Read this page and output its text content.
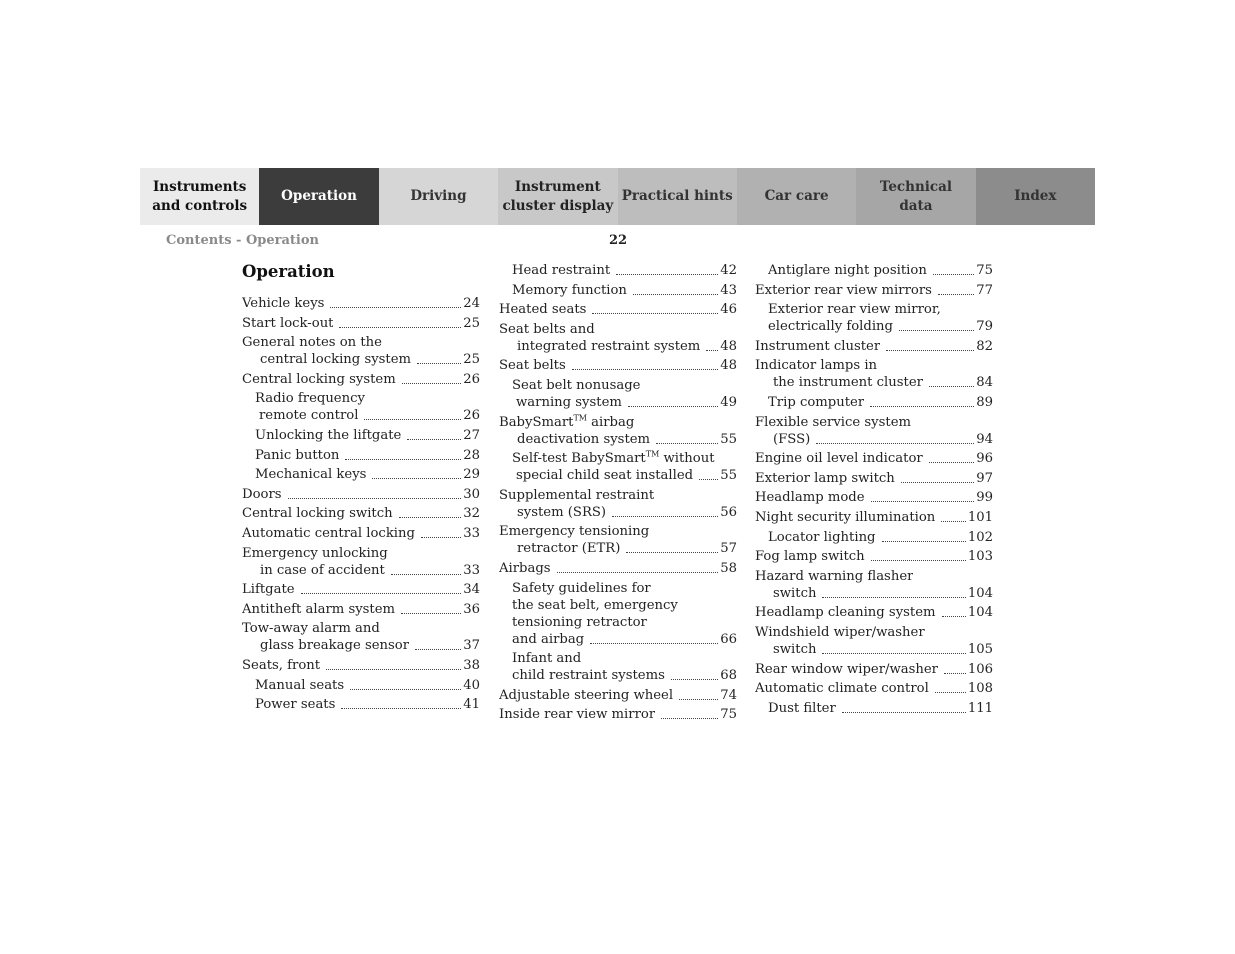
Instruments
and controls
Operation	Driving
Instrument
cluster display
Practical hints	Car care
Technical
data
Index
Contents - Operation	22
Operation
Vehicle keys	24
Start lock-out	25
General notes on the
central locking system	25
Central locking system	26
Radio frequency
remote control	26
Unlocking the liftgate	27
Panic button	28
Mechanical keys	29
Doors	30
Central locking switch	32
Automatic central locking	33
Emergency unlocking
in case of accident	33
Liftgate	34
Antitheft alarm system	36
Tow-away alarm and
glass breakage sensor	37
Seats, front	38
Manual seats	40
Power seats	41
Head restraint	42
Memory function	43
Heated seats	46
Seat belts and
integrated restraint system 48
Seat belts	48
Seat belt nonusage
warning system	49
BabySmart™ airbag
deactivation system	55
Self-test BabySmart™ without
special child seat installed 55
Supplemental restraint
system (SRS)	56
Emergency tensioning
retractor (ETR)	57
Airbags	58
Safety guidelines for
the seat belt, emergency
tensioning retractor
and airbag	66
Infant and
child restraint systems	68
Adjustable steering wheel	74
Inside rear view mirror	75
Antiglare night position	75
Exterior rear view mirrors	77
Exterior rear view mirror,
electrically folding	79
Instrument cluster	82
Indicator lamps in
the instrument cluster	84
Trip computer	89
Flexible service system
(FSS)	94
Engine oil level indicator	96
Exterior lamp switch	97
Headlamp mode	99
Night security illumination 101
Locator lighting	102
Fog lamp switch	103
Hazard warning flasher
switch	104
Headlamp cleaning system 104
Windshield wiper/washer
switch	105
Rear window wiper/washer 106
Automatic climate control	108
Dust filter	111
